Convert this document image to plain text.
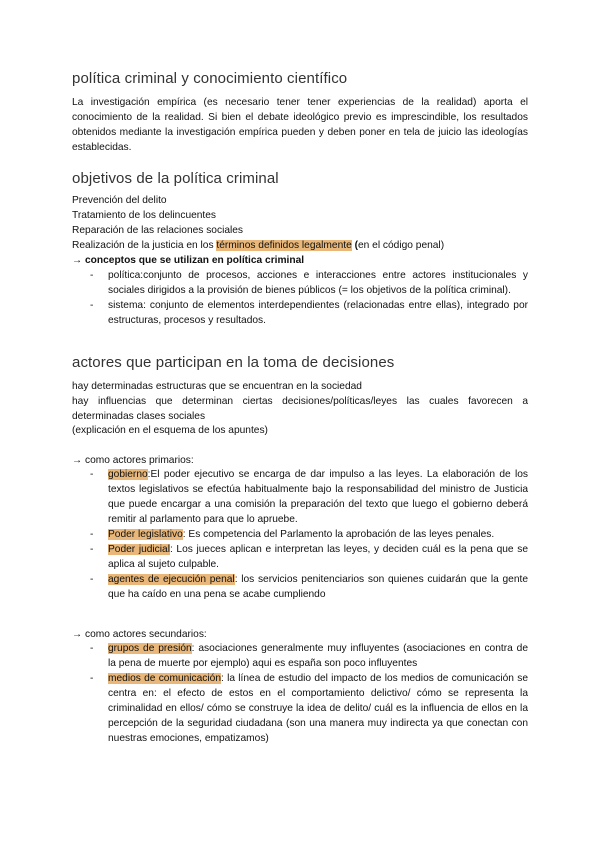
política criminal y conocimiento científico

La investigación empírica (es necesario tener tener experiencias de la realidad) aporta el conocimiento de la realidad. Si bien el debate ideológico previo es imprescindible, los resultados obtenidos mediante la investigación empírica pueden y deben poner en tela de juicio las ideologías establecidas.

objetivos de la política criminal
Prevención del delito
Tratamiento de los delincuentes
Reparación de las relaciones sociales
Realización de la justicia en los términos definidos legalmente (en el código penal)
→ conceptos que se utilizan en política criminal
- política:conjunto de procesos, acciones e interacciones entre actores institucionales y sociales dirigidos a la provisión de bienes públicos (= los objetivos de la política criminal).
- sistema: conjunto de elementos interdependientes (relacionadas entre ellas), integrado por estructuras, procesos y resultados.
actores que participan en la toma de decisiones
hay determinadas estructuras que se encuentran en la sociedad

hay influencias que determinan ciertas decisiones/políticas/leyes las cuales favorecen a determinadas clases sociales

(explicación en el esquema de los apuntes)
→ como actores primarios:
- gobierno:El poder ejecutivo se encarga de dar impulso a las leyes. La elaboración de los textos legislativos se efectúa habitualmente bajo la responsabilidad del ministro de Justicia que puede encargar a una comisión la preparación del texto que luego el gobierno deberá remitir al parlamento para que lo apruebe.
- Poder legislativo: Es competencia del Parlamento la aprobación de las leyes penales.
- Poder judicial: Los jueces aplican e interpretan las leyes, y deciden cuál es la pena que se aplica al sujeto culpable.
- agentes de ejecución penal: los servicios penitenciarios son quienes cuidarán que la gente que ha caído en una pena se acabe cumpliendo
→ como actores secundarios:
- grupos de presión: asociaciones generalmente muy influyentes (asociaciones en contra de la pena de muerte por ejemplo) aqui es españa son poco influyentes
- medios de comunicación: la línea de estudio del impacto de los medios de comunicación se centra en: el efecto de estos en el comportamiento delictivo/ cómo se representa la criminalidad en ellos/ cómo se construye la idea de delito/ cuál es la influencia de ellos en la percepción de la seguridad ciudadana (son una manera muy indirecta ya que conectan con nuestras emociones, empatizamos)
